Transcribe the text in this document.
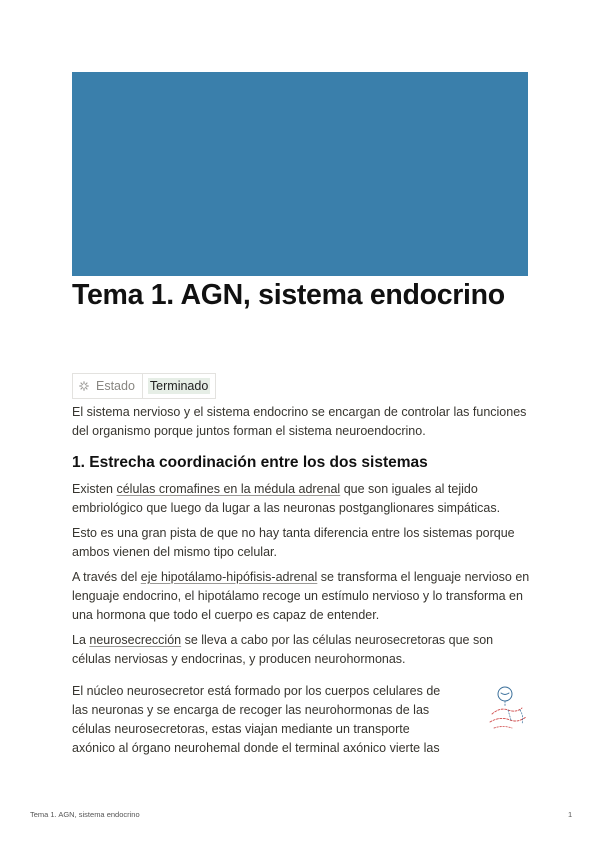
Tema 1. AGN, sistema endocrino
Estado Terminado

El sistema nervioso y el sistema endocrino se encargan de controlar las funciones del organismo porque juntos forman el sistema neuroendocrino.

1. Estrecha coordinación entre los dos sistemas

Existen células cromafines en la médula adrenal que son iguales al tejido embriológico que luego da lugar a las neuronas postganglionares simpáticas.

Esto es una gran pista de que no hay tanta diferencia entre los sistemas porque ambos vienen del mismo tipo celular.

A través del eje hipotálamo-hipófisis-adrenal se transforma el lenguaje nervioso en lenguaje endocrino, el hipotálamo recoge un estímulo nervioso y lo transforma en una hormona que todo el cuerpo es capaz de entender.

La neurosecrección se lleva a cabo por las células neurosecretoras que son células nerviosas y endocrinas, y producen neurohormonas.

El núcleo neurosecretor está formado por los cuerpos celulares de las neuronas y se encarga de recoger las neurohormonas de las células neurosecretoras, estas viajan mediante un transporte axónico al órgano neurohemal donde el terminal axónico vierte las

Tema 1. AGN, sistema endocrino	1
